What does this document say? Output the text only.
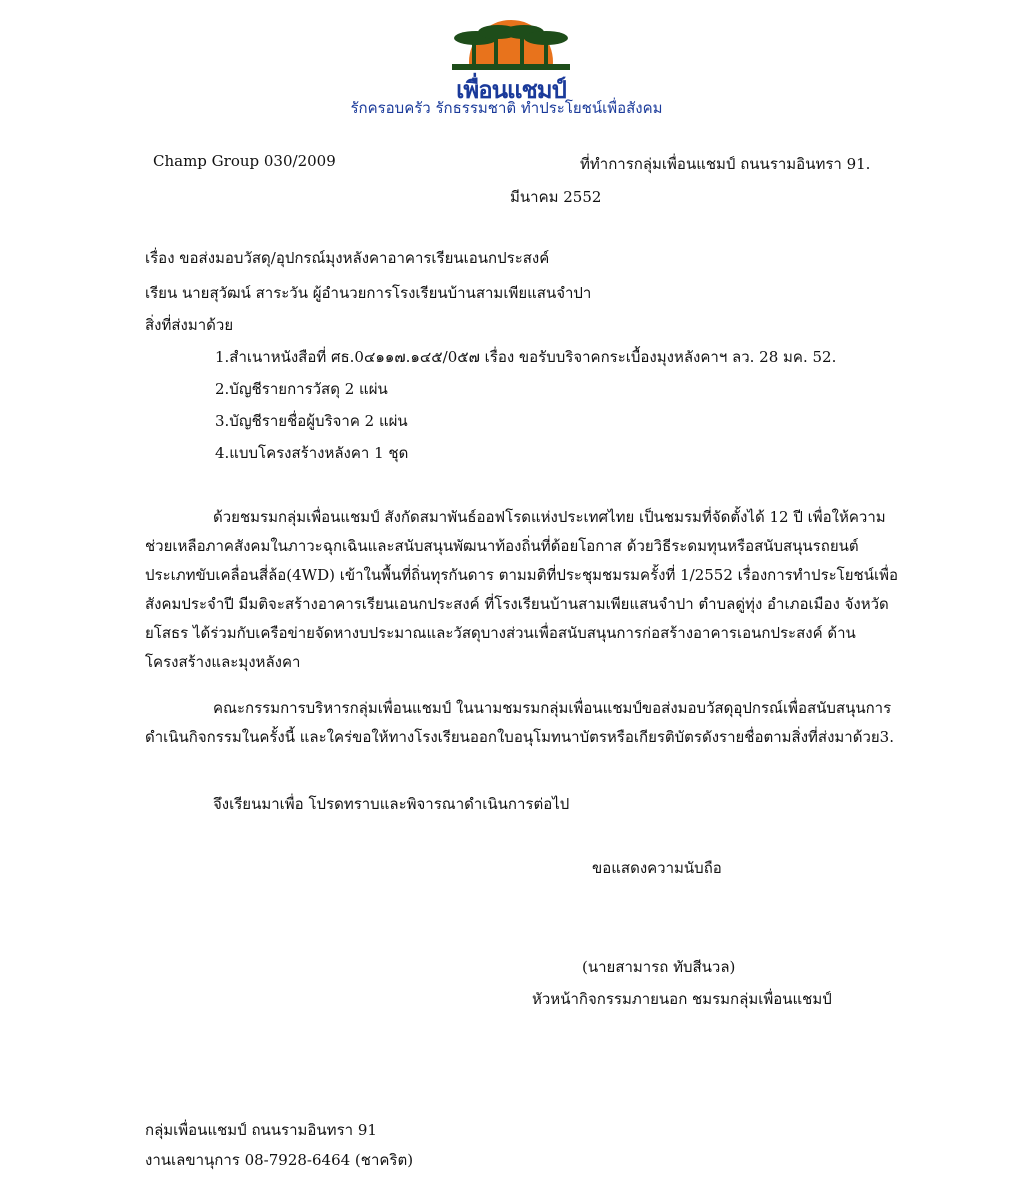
เพื่อนแชมป์
รักครอบครัว รักธรรมชาติ ทำประโยชน์เพื่อสังคม
Champ Group 030/2009	ที่ทำการกลุ่มเพื่อนแชมป์ ถนนรามอินทรา 91.
มีนาคม 2552
เรื่อง ขอส่งมอบวัสดุ/อุปกรณ์มุงหลังคาอาคารเรียนเอนกประสงค์
เรียน นายสุวัฒน์ สาระวัน ผู้อำนวยการโรงเรียนบ้านสามเพียแสนจำปา
สิ่งที่ส่งมาด้วย
1.สำเนาหนังสือที่ ศธ.0๔๑๑๗.๑๔๕/0๕๗ เรื่อง ขอรับบริจาคกระเบื้องมุงหลังคาฯ ลว. 28 มค. 52.
2.บัญชีรายการวัสดุ 2 แผ่น
3.บัญชีรายชื่อผู้บริจาค 2 แผ่น
4.แบบโครงสร้างหลังคา 1 ชุด
ด้วยชมรมกลุ่มเพื่อนแชมป์ สังกัดสมาพันธ์ออฟโรดแห่งประเทศไทย เป็นชมรมที่จัดตั้งได้ 12 ปี เพื่อให้ความ
ช่วยเหลือภาคสังคมในภาวะฉุกเฉินและสนับสนุนพัฒนาท้องถิ่นที่ด้อยโอกาส ด้วยวิธีระดมทุนหรือสนับสนุนรถยนต์
ประเภทขับเคลื่อนสี่ล้อ(4WD) เข้าในพื้นที่ถิ่นทุรกันดาร ตามมติที่ประชุมชมรมครั้งที่ 1/2552 เรื่องการทำประโยชน์เพื่อ
สังคมประจำปี มีมติจะสร้างอาคารเรียนเอนกประสงค์ ที่โรงเรียนบ้านสามเพียแสนจำปา ตำบลดู่ทุ่ง อำเภอเมือง จังหวัด
ยโสธร ได้ร่วมกับเครือข่ายจัดหางบประมาณและวัสดุบางส่วนเพื่อสนับสนุนการก่อสร้างอาคารเอนกประสงค์ ด้าน
โครงสร้างและมุงหลังคา
คณะกรรมการบริหารกลุ่มเพื่อนแชมป์ ในนามชมรมกลุ่มเพื่อนแชมป์ขอส่งมอบวัสดุอุปกรณ์เพื่อสนับสนุนการ
ดำเนินกิจกรรมในครั้งนี้ และใคร่ขอให้ทางโรงเรียนออกใบอนุโมทนาบัตรหรือเกียรติบัตรดังรายชื่อตามสิ่งที่ส่งมาด้วย3.
จึงเรียนมาเพื่อ โปรดทราบและพิจารณาดำเนินการต่อไป
ขอแสดงความนับถือ
(นายสามารถ ทับสีนวล)
หัวหน้ากิจกรรมภายนอก ชมรมกลุ่มเพื่อนแชมป์
กลุ่มเพื่อนแชมป์ ถนนรามอินทรา 91
งานเลขานุการ 08-7928-6464 (ชาคริต)
